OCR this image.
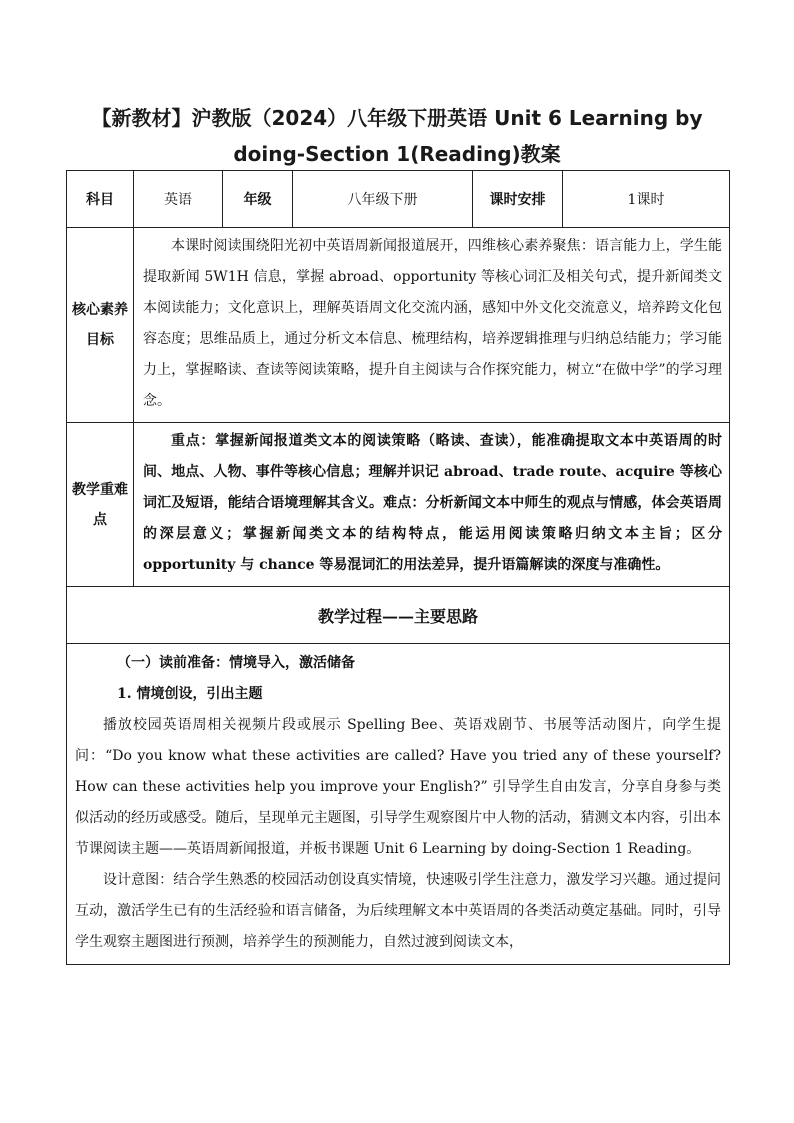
【新教材】沪教版（2024）八年级下册英语 Unit 6 Learning by doing-Section 1(Reading)教案
科目	英语	年级	八年级下册	课时安排	1课时
核心素养目标	本课时阅读围绕阳光初中英语周新闻报道展开，四维核心素养聚焦：语言能力上，学生能提取新闻 5W1H 信息，掌握 abroad、opportunity 等核心词汇及相关句式，提升新闻类文本阅读能力；文化意识上，理解英语周文化交流内涵，感知中外文化交流意义，培养跨文化包容态度；思维品质上，通过分析文本信息、梳理结构，培养逻辑推理与归纳总结能力；学习能力上，掌握略读、查读等阅读策略，提升自主阅读与合作探究能力，树立“在做中学”的学习理念。				

教学重难点	重点：掌握新闻报道类文本的阅读策略（略读、查读），能准确提取文本中英语周的时间、地点、人物、事件等核心信息；理解并识记 abroad、trade route、acquire 等核心词汇及短语，能结合语境理解其含义。难点：分析新闻文本中师生的观点与情感，体会英语周的深层意义；掌握新闻类文本的结构特点，能运用阅读策略归纳文本主旨；区分 opportunity 与 chance 等易混词汇的用法差异，提升语篇解读的深度与准确性。				

教学过程——主要思路					

（一）读前准备：情境导入，激活储备

1. 情境创设，引出主题

播放校园英语周相关视频片段或展示 Spelling Bee、英语戏剧节、书展等活动图片，向学生提问：“Do you know what these activities are called? Have you tried any of these yourself? How can these activities help you improve your English?” 引导学生自由发言，分享自身参与类似活动的经历或感受。随后，呈现单元主题图，引导学生观察图片中人物的活动，猜测文本内容，引出本节课阅读主题——英语周新闻报道，并板书课题 Unit 6 Learning by doing-Section 1 Reading。

设计意图：结合学生熟悉的校园活动创设真实情境，快速吸引学生注意力，激发学习兴趣。通过提问互动，激活学生已有的生活经验和语言储备，为后续理解文本中英语周的各类活动奠定基础。同时，引导学生观察主题图进行预测，培养学生的预测能力，自然过渡到阅读文本，					
